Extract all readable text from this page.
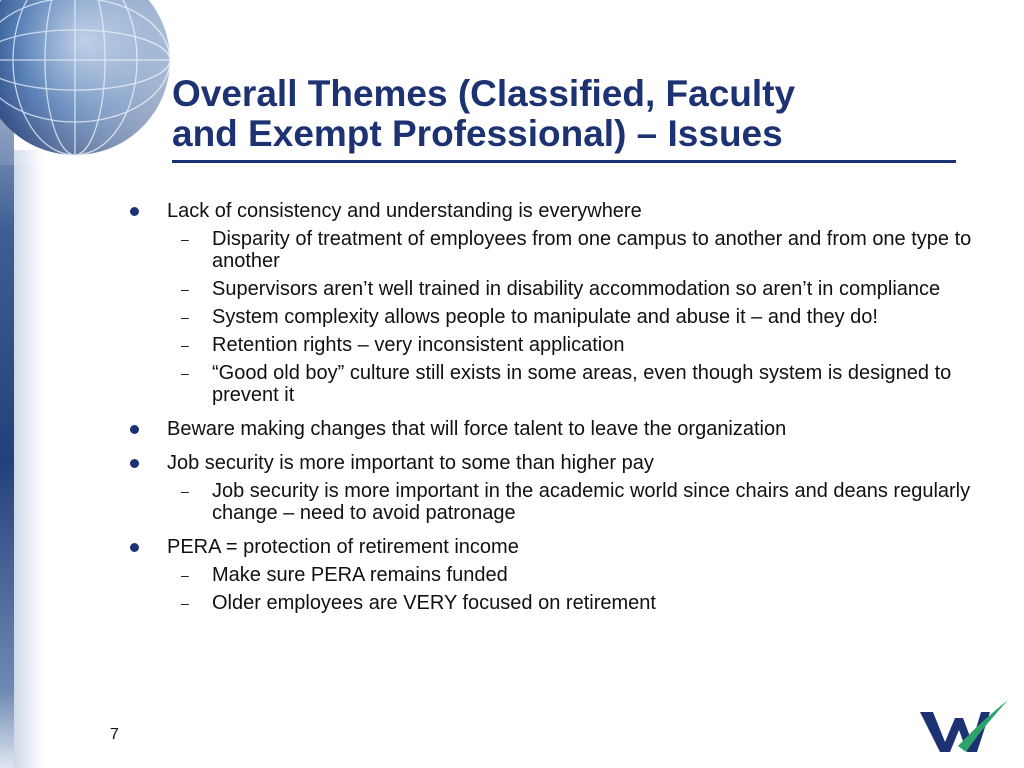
Overall Themes (Classified, Faculty
and Exempt Professional) – Issues
Lack of consistency and understanding is everywhere
– Disparity of treatment of employees from one campus to another and from one type to another
– Supervisors aren’t well trained in disability accommodation so aren’t in compliance
– System complexity allows people to manipulate and abuse it – and they do!
– Retention rights – very inconsistent application
– “Good old boy” culture still exists in some areas, even though system is designed to prevent it
Beware making changes that will force talent to leave the organization
Job security is more important to some than higher pay
– Job security is more important in the academic world since chairs and deans regularly change – need to avoid patronage
PERA = protection of retirement income
– Make sure PERA remains funded
– Older employees are VERY focused on retirement
7
